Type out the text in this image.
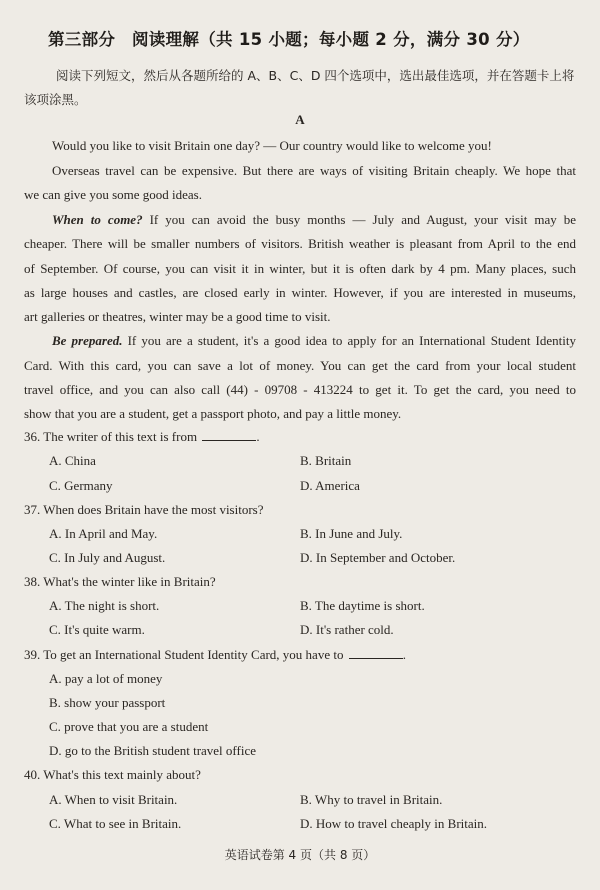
第三部分　阅读理解（共 15 小题；每小题 2 分，满分 30 分）
阅读下列短文，然后从各题所给的 A、B、C、D 四个选项中，选出最佳选项，并在答题卡上将该项涂黑。
A
Would you like to visit Britain one day? — Our country would like to welcome you!
Overseas travel can be expensive. But there are ways of visiting Britain cheaply. We hope that
we can give you some good ideas.
When to come? If you can avoid the busy months — July and August, your visit may be
cheaper. There will be smaller numbers of visitors. British weather is pleasant from April to the end
of September. Of course, you can visit it in winter, but it is often dark by 4 pm. Many places, such
as large houses and castles, are closed early in winter. However, if you are interested in museums,
art galleries or theatres, winter may be a good time to visit.
Be prepared. If you are a student, it's a good idea to apply for an International Student Identity
Card. With this card, you can save a lot of money. You can get the card from your local student
travel office, and you can also call (44) - 09708 - 413224 to get it. To get the card, you need to
show that you are a student, get a passport photo, and pay a little money.
36. The writer of this text is from	.
A. China	B. Britain
C. Germany	D. America
37. When does Britain have the most visitors?
A. In April and May.	B. In June and July.
C. In July and August.	D. In September and October.
38. What's the winter like in Britain?
A. The night is short.	B. The daytime is short.
C. It's quite warm.	D. It's rather cold.
39. To get an International Student Identity Card, you have to	.
A. pay a lot of money
B. show your passport
C. prove that you are a student
D. go to the British student travel office
40. What's this text mainly about?
A. When to visit Britain.	B. Why to travel in Britain.
C. What to see in Britain.	D. How to travel cheaply in Britain.
英语试卷第 4 页（共 8 页）
